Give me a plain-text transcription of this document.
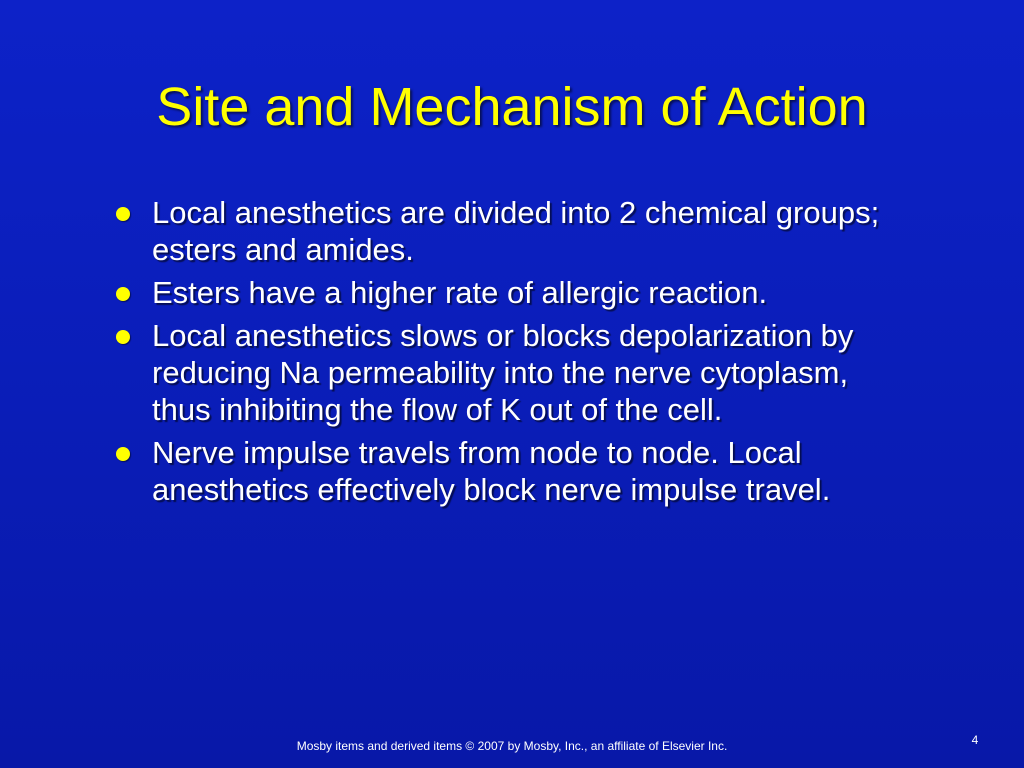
Site and Mechanism of Action
Local anesthetics are divided into 2 chemical groups; esters and amides.
Esters have a higher rate of allergic reaction.
Local anesthetics slows or blocks depolarization by reducing Na permeability into the nerve cytoplasm, thus inhibiting the flow of K out of the cell.
Nerve impulse travels from node to node. Local anesthetics effectively block nerve impulse travel.
Mosby items and derived items © 2007 by Mosby, Inc., an affiliate of Elsevier Inc.	4
